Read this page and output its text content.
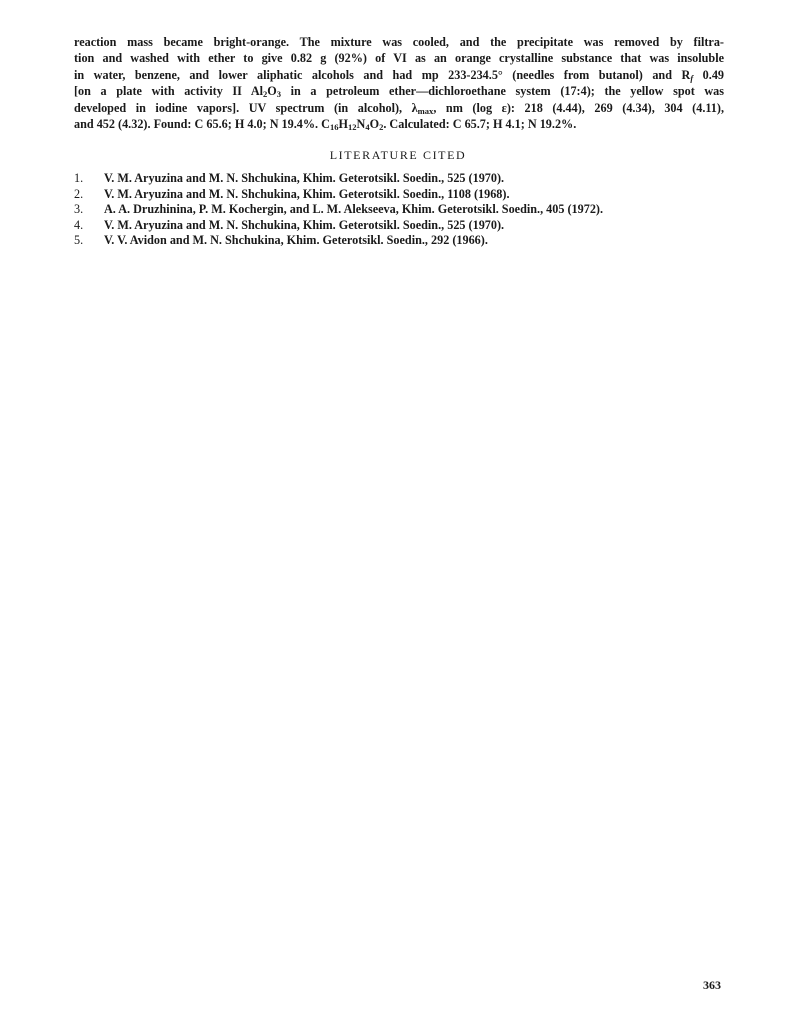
reaction mass became bright-orange. The mixture was cooled, and the precipitate was removed by filtra-
tion and washed with ether to give 0.82 g (92%) of VI as an orange crystalline substance that was insoluble
in water, benzene, and lower aliphatic alcohols and had mp 233-234.5° (needles from butanol) and $R_f$ 0.49
[on a plate with activity II $Al_2O_3$ in a petroleum ether—dichloroethane system (17:4); the yellow spot was
developed in iodine vapors]. UV spectrum (in alcohol), $\lambda_{max}$, nm (log ε): 218 (4.44), 269 (4.34), 304 (4.11),
and 452 (4.32). Found: C 65.6; H 4.0; N 19.4%. $C_{16}H_{12}N_4O_2$. Calculated: C 65.7; H 4.1; N 19.2%.
LITERATURE CITED
1.	V. M. Aryuzina and M. N. Shchukina, Khim. Geterotsikl. Soedin., 525 (1970).
2.	V. M. Aryuzina and M. N. Shchukina, Khim. Geterotsikl. Soedin., 1108 (1968).
3.	A. A. Druzhinina, P. M. Kochergin, and L. M. Alekseeva, Khim. Geterotsikl. Soedin., 405 (1972).
4.	V. M. Aryuzina and M. N. Shchukina, Khim. Geterotsikl. Soedin., 525 (1970).
5.	V. V. Avidon and M. N. Shchukina, Khim. Geterotsikl. Soedin., 292 (1966).
363
